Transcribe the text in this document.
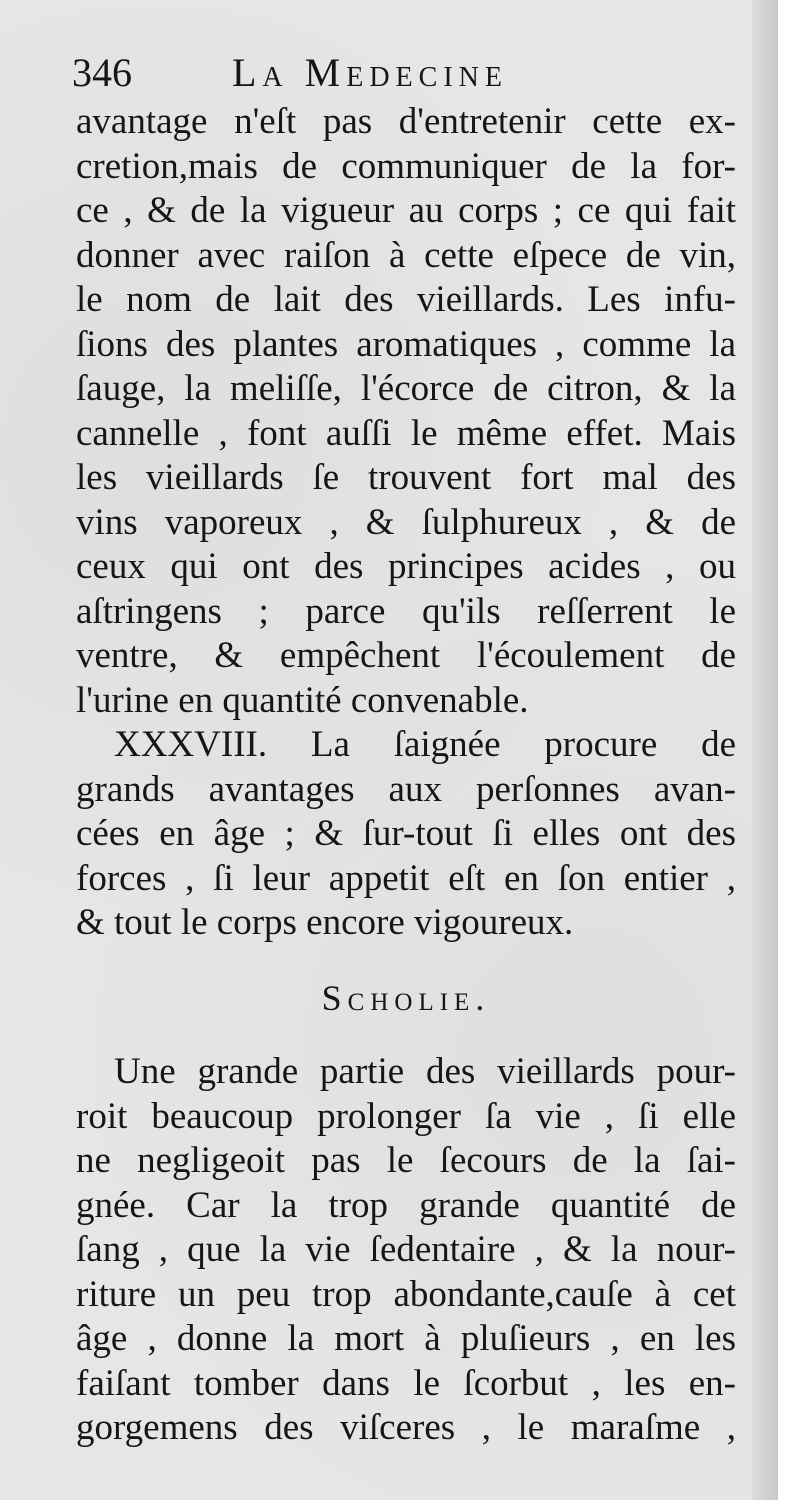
346	La Medecine
avantage n'eſt pas d'entretenir cette ex-
cretion,mais de communiquer de la for-
ce , & de la vigueur au corps ; ce qui fait
donner avec raiſon à cette eſpece de vin,
le nom de lait des vieillards. Les infu-
ſions des plantes aromatiques , comme la
ſauge, la meliſſe, l'écorce de citron, & la
cannelle , font auſſi le même effet. Mais
les vieillards ſe trouvent fort mal des
vins vaporeux , & ſulphureux , & de
ceux qui ont des principes acides , ou
aſtringens ; parce qu'ils reſſerrent le
ventre, & empêchent l'écoulement de
l'urine en quantité convenable.
XXXVIII. La ſaignée procure de
grands avantages aux perſonnes avan-
cées en âge ; & ſur-tout ſi elles ont des
forces , ſi leur appetit eſt en ſon entier ,
& tout le corps encore vigoureux.
Scholie.
Une grande partie des vieillards pour-
roit beaucoup prolonger ſa vie , ſi elle
ne negligeoit pas le ſecours de la ſai-
gnée. Car la trop grande quantité de
ſang , que la vie ſedentaire , & la nour-
riture un peu trop abondante,cauſe à cet
âge , donne la mort à pluſieurs , en les
faiſant tomber dans le ſcorbut , les en-
gorgemens des viſceres , le maraſme ,
